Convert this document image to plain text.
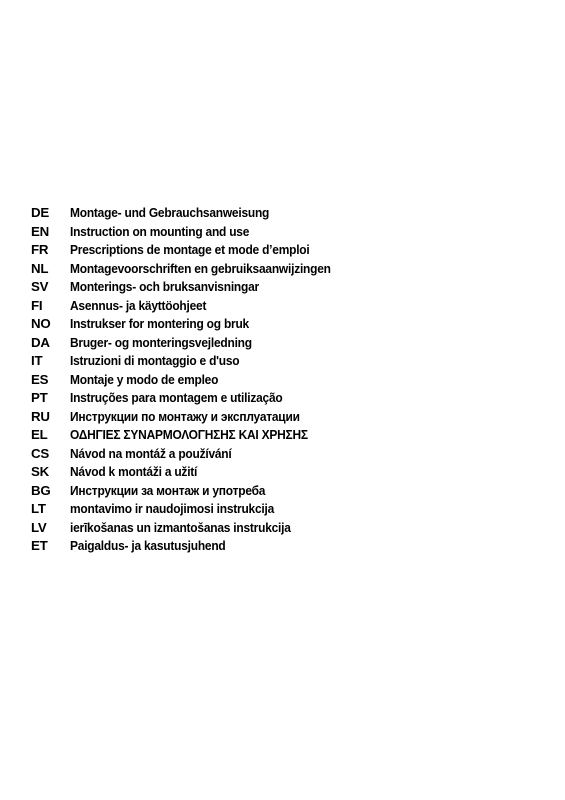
DE	Montage- und Gebrauchsanweisung
EN	Instruction on mounting and use
FR	Prescriptions de montage et mode d’emploi
NL	Montagevoorschriften en gebruiksaanwijzingen
SV	Monterings- och bruksanvisningar
FI	Asennus- ja käyttöohjeet
NO	Instrukser for montering og bruk
DA	Bruger- og monteringsvejledning
IT	Istruzioni di montaggio e d'uso
ES	Montaje y modo de empleo
PT	Instruções para montagem e utilização
RU	Инструкции по монтажу и эксплуатации
EL	ΟΔΗΓΙΕΣ ΣΥΝΑΡΜΟΛΟΓΗΣΗΣ ΚΑΙ ΧΡΗΣΗΣ
CS	Návod na montáž a používání
SK	Návod k montáži a užití
BG	Инструкции за монтаж и употреба
LT	montavimo ir naudojimosi instrukcija
LV	ierīkošanas un izmantošanas instrukcija
ET	Paigaldus- ja kasutusjuhend
